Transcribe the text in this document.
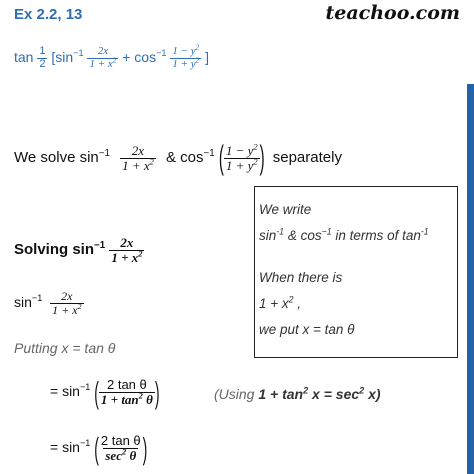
Ex 2.2, 13	teachoo.com
$\tan \frac{1}{2} [\sin^{-1} \frac{2x}{1 + x^2} + \cos^{-1} \frac{1 - y^2}{1 + y^2}$ ]
We solve $\sin^{-1} \frac{2x}{1 + x^2}$ & $\cos^{-1}$ ( $\frac{1 - y^2}{1 + y^2}$ ) separately
We write
$\sin^{-1}$ & $\cos^{-1}$ in terms of $\tan^{-1}$
When there is
$1 + x^2$ ,
we put x = tan θ
Solving $\sin^{-1} \frac{2x}{1 + x^2}$
$\sin^{-1} \frac{2x}{1 + x^2}$
Putting x = tan θ
= $\sin^{-1}$ ( $\frac{\text{2 tan θ}}{1 + \tan^2 \theta}$ )	(Using $1 + \tan^2 x = \sec^2 x$)
= $\sin^{-1}$ ( $\frac{\text{2 tan θ}}{\sec^2 \theta}$ )
